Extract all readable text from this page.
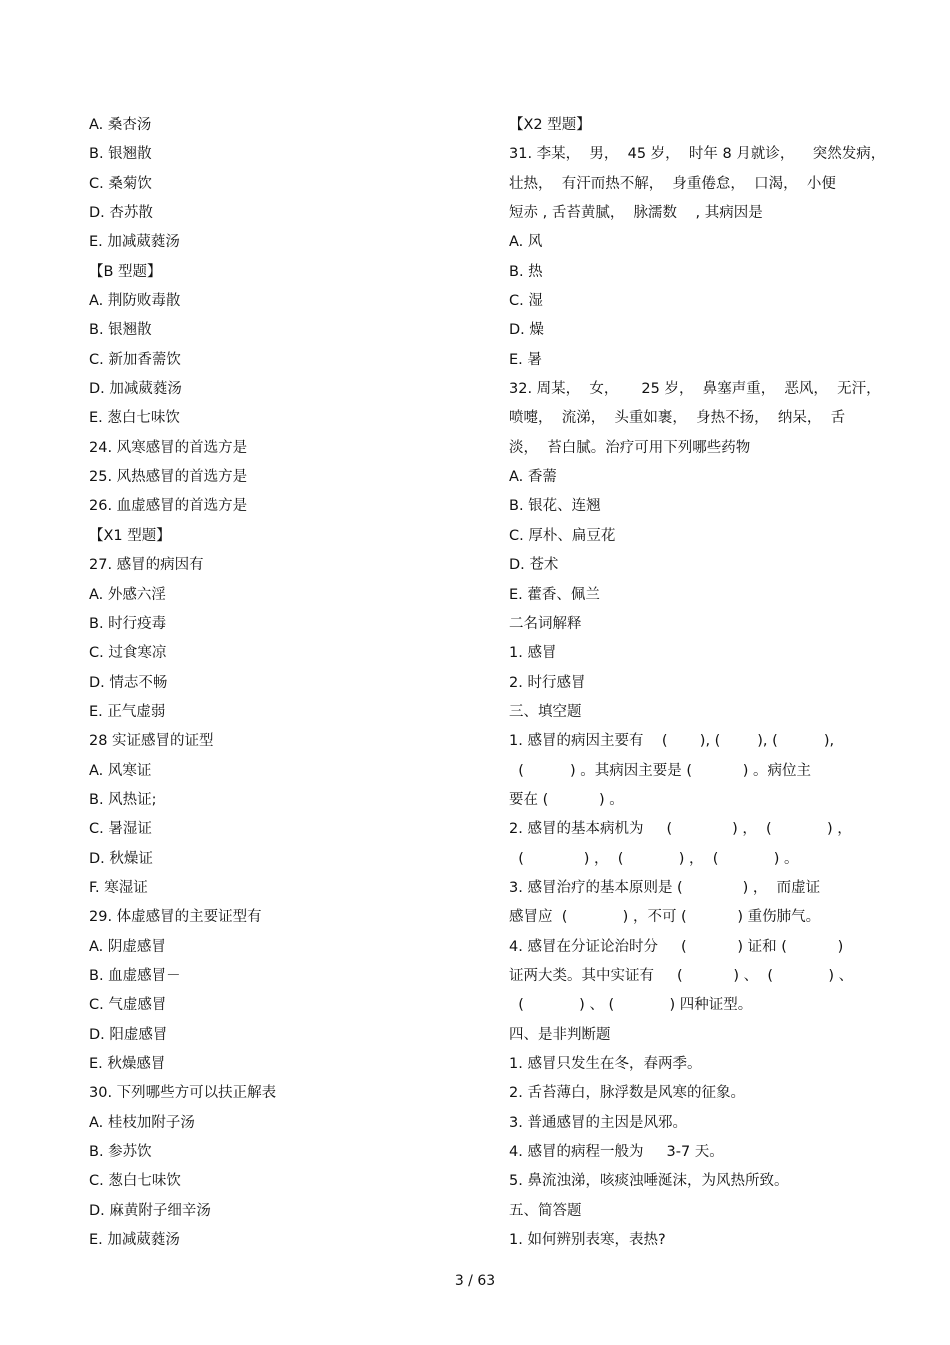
A. 桑杏汤
B. 银翘散
C. 桑菊饮
D. 杏苏散
E. 加减葳蕤汤
【B 型题】
A. 荆防败毒散
B. 银翘散
C. 新加香薷饮
D. 加减葳蕤汤
E. 葱白七味饮
24. 风寒感冒的首选方是
25. 风热感冒的首选方是
26. 血虚感冒的首选方是
【X1 型题】
27. 感冒的病因有
A. 外感六淫
B. 时行疫毒
C. 过食寒凉
D. 情志不畅
E. 正气虚弱
28 实证感冒的证型
A. 风寒证
B. 风热证;
C. 暑湿证
D. 秋燥证
F. 寒湿证
29. 体虚感冒的主要证型有
A. 阴虚感冒
B. 血虚感冒－
C. 气虚感冒
D. 阳虚感冒
E. 秋燥感冒
30. 下列哪些方可以扶正解表
A. 桂枝加附子汤
B. 参苏饮
C. 葱白七味饮
D. 麻黄附子细辛汤
E. 加减葳蕤汤
【X2 型题】
31. 李某，  男，  45 岁，  时年 8 月就诊，    突然发病，
壮热，  有汗而热不解，  身重倦怠，  口渴，  小便
短赤 , 舌苔黄腻，  脉濡数    , 其病因是
A. 风
B. 热
C. 湿
D. 燥
E. 暑
32. 周某，  女，     25 岁，  鼻塞声重，  恶风，  无汗，
喷嚏，  流涕，  头重如裹，  身热不扬，  纳呆，  舌
淡，  苔白腻。治疗可用下列哪些药物
A. 香薷
B. 银花、连翘
C. 厚朴、扁豆花
D. 苍术
E. 藿香、佩兰
二名词解释
1. 感冒
2. 时行感冒
三、填空题
1. 感冒的病因主要有    (       ), (        ), (          ),
(          ) 。其病因主要是 (           ) 。病位主
要在 (           ) 。
2. 感冒的基本病机为     (             ) ，  (            ) ，
(             ) ，  (            ) ，  (            ) 。
3. 感冒治疗的基本原则是 (             ) ，  而虚证
感冒应  (            ) ，不可 (           ) 重伤肺气。
4. 感冒在分证论治时分     (           ) 证和 (           )
证两大类。其中实证有     (           ) 、  (            ) 、
(            ) 、 (            ) 四种证型。
四、是非判断题
1. 感冒只发生在冬，春两季。
2. 舌苔薄白，脉浮数是风寒的征象。
3. 普通感冒的主因是风邪。
4. 感冒的病程一般为     3-7 天。
5. 鼻流浊涕，咳痰浊唾涎沫，为风热所致。
五、简答题
1. 如何辨别表寒，表热?
3 / 63
